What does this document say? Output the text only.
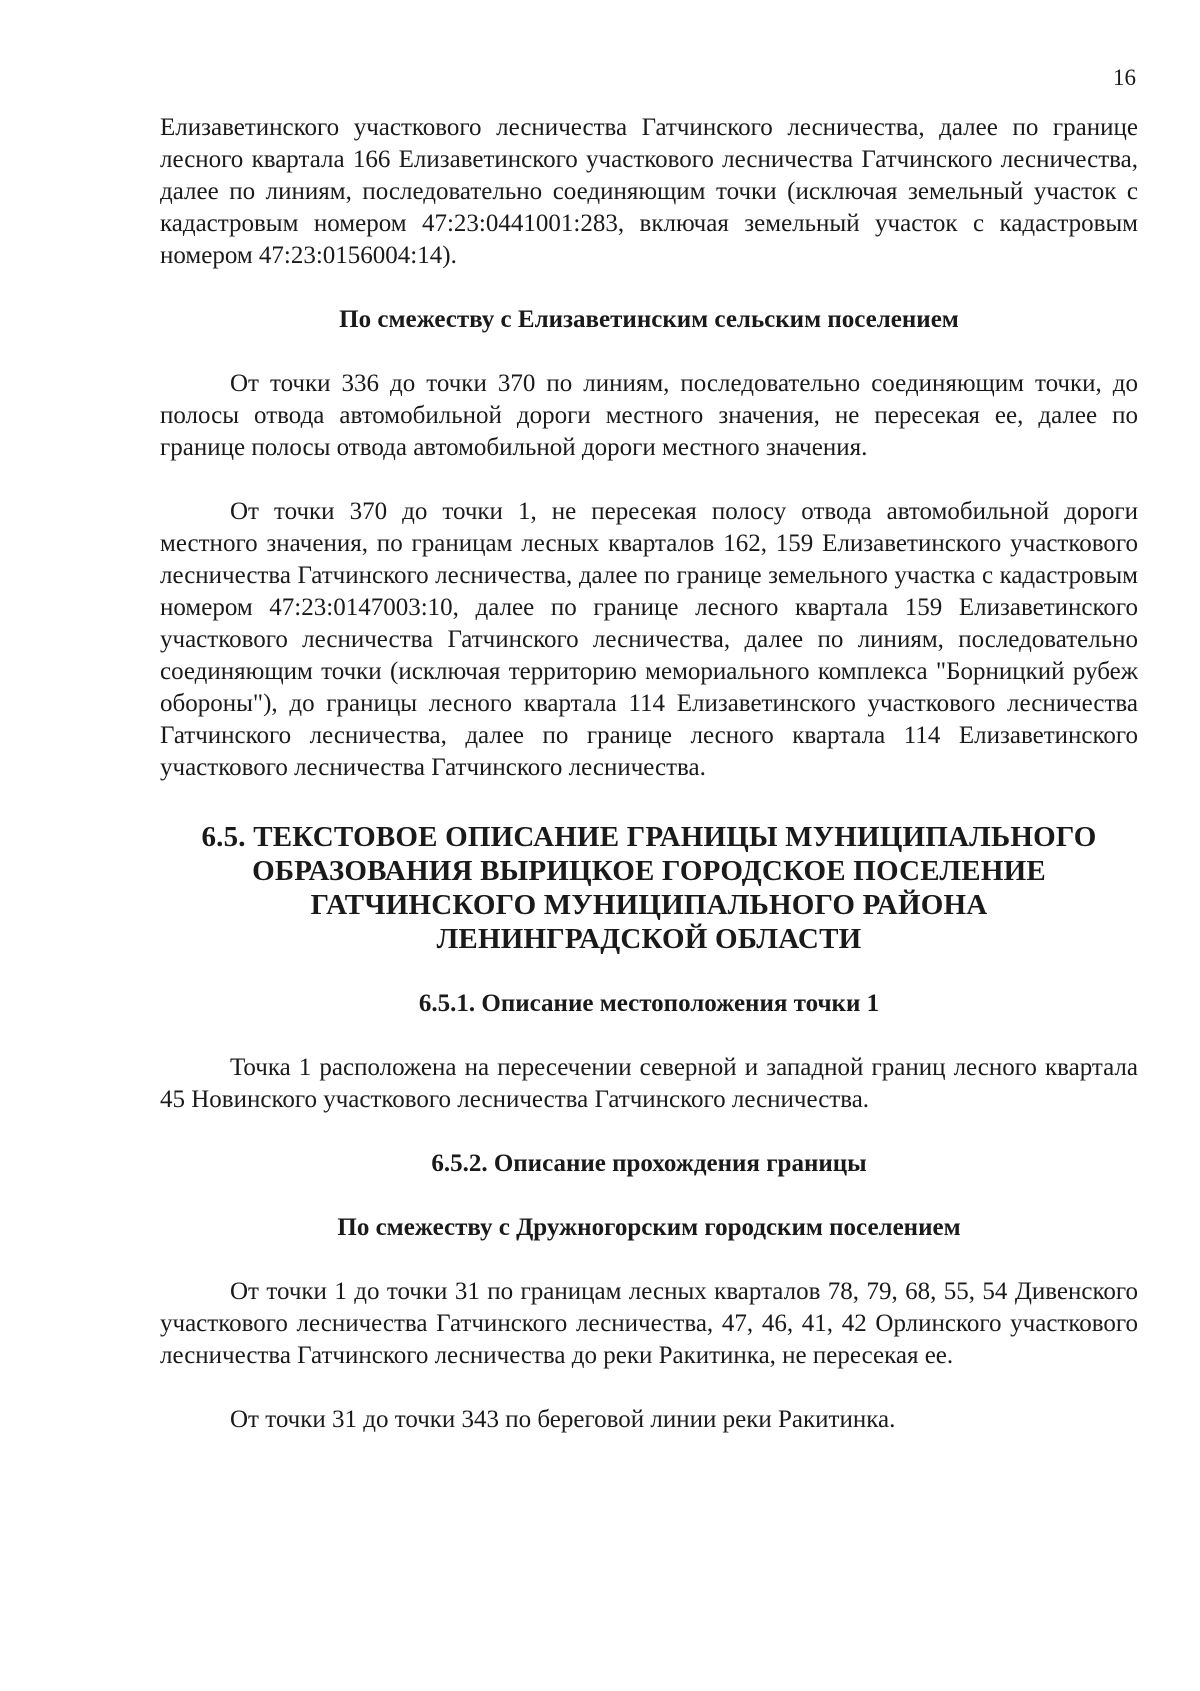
16

Елизаветинского участкового лесничества Гатчинского лесничества, далее по границе лесного квартала 166 Елизаветинского участкового лесничества Гатчинского лесничества, далее по линиям, последовательно соединяющим точки (исключая земельный участок с кадастровым номером 47:23:0441001:283, включая земельный участок с кадастровым номером 47:23:0156004:14).

По смежеству с Елизаветинским сельским поселением

От точки 336 до точки 370 по линиям, последовательно соединяющим точки, до полосы отвода автомобильной дороги местного значения, не пересекая ее, далее по границе полосы отвода автомобильной дороги местного значения.

От точки 370 до точки 1, не пересекая полосу отвода автомобильной дороги местного значения, по границам лесных кварталов 162, 159 Елизаветинского участкового лесничества Гатчинского лесничества, далее по границе земельного участка с кадастровым номером 47:23:0147003:10, далее по границе лесного квартала 159 Елизаветинского участкового лесничества Гатчинского лесничества, далее по линиям, последовательно соединяющим точки (исключая территорию мемориального комплекса "Борницкий рубеж обороны"), до границы лесного квартала 114 Елизаветинского участкового лесничества Гатчинского лесничества, далее по границе лесного квартала 114 Елизаветинского участкового лесничества Гатчинского лесничества.

6.5. ТЕКСТОВОЕ ОПИСАНИЕ ГРАНИЦЫ МУНИЦИПАЛЬНОГО
ОБРАЗОВАНИЯ ВЫРИЦКОЕ ГОРОДСКОЕ ПОСЕЛЕНИЕ
ГАТЧИНСКОГО МУНИЦИПАЛЬНОГО РАЙОНА
ЛЕНИНГРАДСКОЙ ОБЛАСТИ
6.5.1. Описание местоположения точки 1

Точка 1 расположена на пересечении северной и западной границ лесного квартала 45 Новинского участкового лесничества Гатчинского лесничества.

6.5.2. Описание прохождения границы
По смежеству с Дружногорским городским поселением

От точки 1 до точки 31 по границам лесных кварталов 78, 79, 68, 55, 54 Дивенского участкового лесничества Гатчинского лесничества, 47, 46, 41, 42 Орлинского участкового лесничества Гатчинского лесничества до реки Ракитинка, не пересекая ее.

От точки 31 до точки 343 по береговой линии реки Ракитинка.
